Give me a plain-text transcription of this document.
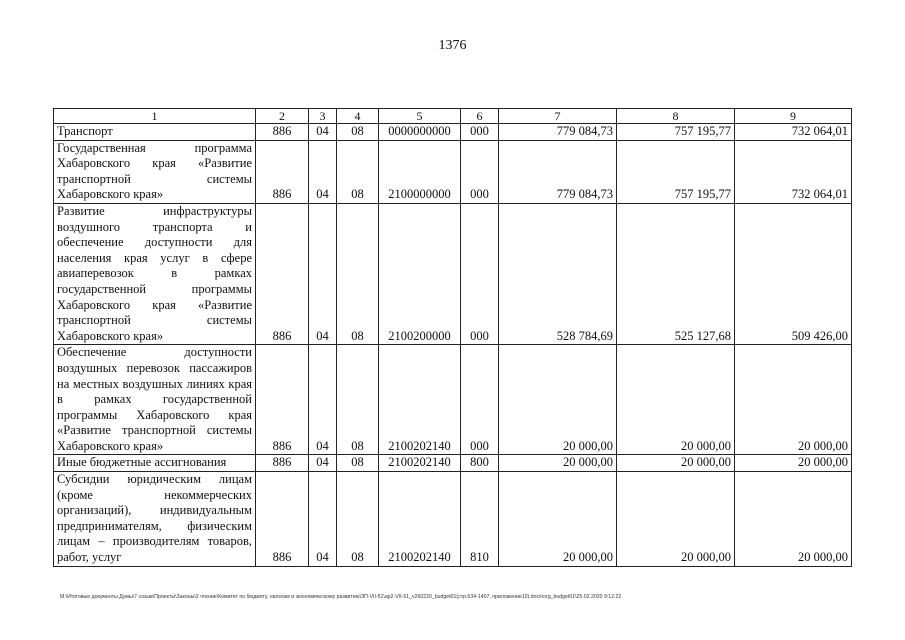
1376
1	2	3	4	5	6	7	8	9
Транспорт	886	04	08	0000000000	000	779 084,73	757 195,77	732 064,01
Государственная программа Хабаровского края «Развитие транспортной системы Хабаровского края»	886	04	08	2100000000	000	779 084,73	757 195,77	732 064,01
Развитие инфраструктуры воздушного транспорта и обеспечение доступности для населения края услуг в сфере авиаперевозок в рамках государственной программы Хабаровского края «Развитие транспортной системы Хабаровского края»	886	04	08	2100200000	000	528 784,69	525 127,68	509 426,00
Обеспечение доступности воздушных перевозок пассажиров на местных воздушных линиях края в рамках государственной программы Хабаровского края «Развитие транспортной системы Хабаровского края»	886	04	08	2100202140	000	20 000,00	20 000,00	20 000,00
Иные бюджетные ассигнования	886	04	08	2100202140	800	20 000,00	20 000,00	20 000,00
Субсидии юридическим лицам (кроме некоммерческих организаций), индивидуальным предпринимателям, физическим лицам – производителям товаров, работ, услуг	886	04	08	2100202140	810	20 000,00	20 000,00	20 000,00
M:\Итоговые документы Думы\7 созыв\Проекты\Законы\2 чтение\Комитет по бюджету, налогам и экономическому развитию\ЗП-VII-51\ар2-VII-51_v260220_budget01(стр.634-1407, приложение10).docx\org_budget01\25.02.2020 9:12:22
